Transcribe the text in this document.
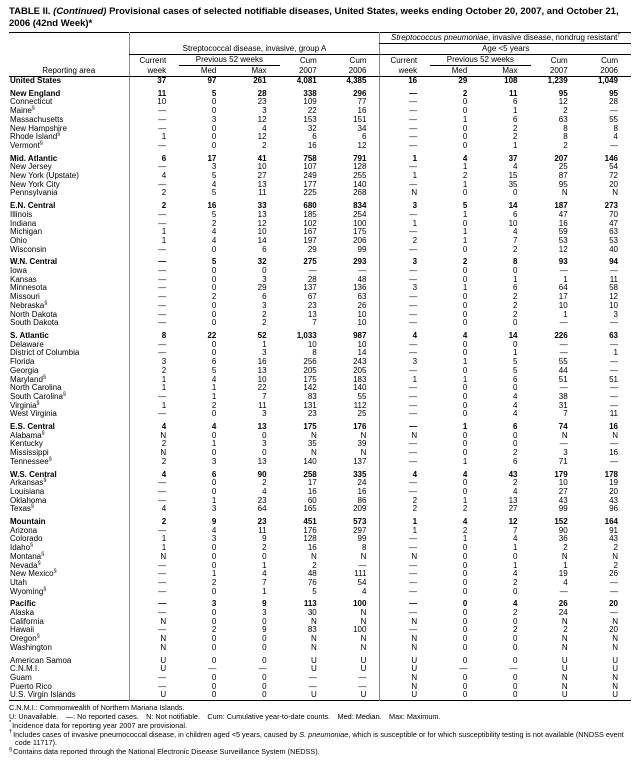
TABLE II. (Continued) Provisional cases of selected notifiable diseases, United States, weeks ending October 20, 2007, and October 21, 2006 (42nd Week)*
						Streptococcus pneumoniae, invasive disease, nondrug resistant†
	Streptococcal disease, invasive, group A					Age <5 years				
	Current	Previous 52 weeks		Cum	Cum	Current	Previous 52 weeks		Cum	Cum
Reporting area	week	Med	Max	2007	2006	week	Med	Max	2007	2006
United States	37	97	261	4,081	4,385	16	29	108	1,239	1,049

New England	11	5	28	338	296	—	2	11	95	95
Connecticut	10	0	23	109	77	—	0	6	12	28
Maine§	—	0	3	22	16	—	0	1	2	—
Massachusetts	—	3	12	153	151	—	1	6	63	55
New Hampshire	—	0	4	32	34	—	0	2	8	8
Rhode Island§	1	0	12	6	6	—	0	2	8	4
Vermont§	—	0	2	16	12	—	0	1	2	—

Mid. Atlantic	6	17	41	758	791	1	4	37	207	146
New Jersey	—	3	10	107	128	—	1	4	25	54
New York (Upstate)	4	5	27	249	255	1	2	15	87	72
New York City	—	4	13	177	140	—	1	35	95	20
Pennsylvania	2	5	11	225	268	N	0	0	N	N

E.N. Central	2	16	33	680	834	3	5	14	187	273
Illinois	—	5	13	185	254	—	1	6	47	70
Indiana	—	2	12	102	100	1	0	10	16	47
Michigan	1	4	10	167	175	—	1	4	59	63
Ohio	1	4	14	197	206	2	1	7	53	53
Wisconsin	—	0	6	29	99	—	0	2	12	40

W.N. Central	—	5	32	275	293	3	2	8	93	94
Iowa	—	0	0	—	—	—	0	0	—	—
Kansas	—	0	3	28	48	—	0	1	1	11
Minnesota	—	0	29	137	136	3	1	6	64	58
Missouri	—	2	6	67	63	—	0	2	17	12
Nebraska§	—	0	3	23	26	—	0	2	10	10
North Dakota	—	0	2	13	10	—	0	2	1	3
South Dakota	—	0	2	7	10	—	0	0	—	—

S. Atlantic	8	22	52	1,033	987	4	4	14	226	63
Delaware	—	0	1	10	10	—	0	0	—	—
District of Columbia	—	0	3	8	14	—	0	1	—	1
Florida	3	6	16	256	243	3	1	5	55	—
Georgia	2	5	13	205	205	—	0	5	44	—
Maryland§	1	4	10	175	183	1	1	6	51	51
North Carolina	1	1	22	142	140	—	0	0	—	—
South Carolina§	—	1	7	83	55	—	0	4	38	—
Virginia§	1	2	11	131	112	—	0	4	31	—
West Virginia	—	0	3	23	25	—	0	4	7	11

E.S. Central	4	4	13	175	176	—	1	6	74	16
Alabama§	N	0	0	N	N	N	0	0	N	N
Kentucky	2	1	3	35	39	—	0	0	—	—
Mississippi	N	0	0	N	N	—	0	2	3	16
Tennessee§	2	3	13	140	137	—	1	6	71	—

W.S. Central	4	6	90	258	335	4	4	43	179	178
Arkansas§	—	0	2	17	24	—	0	2	10	19
Louisiana	—	0	4	16	16	—	0	4	27	20
Oklahoma	—	1	23	60	86	2	1	13	43	43
Texas§	4	3	64	165	209	2	2	27	99	96

Mountain	2	9	23	451	573	1	4	12	152	164
Arizona	—	4	11	176	297	1	2	7	90	91
Colorado	1	3	9	128	99	—	1	4	36	43
Idaho§	1	0	2	16	8	—	0	1	2	2
Montana§	N	0	0	N	N	N	0	0	N	N
Nevada§	—	0	1	2	—	—	0	1	1	2
New Mexico§	—	1	4	48	111	—	0	4	19	26
Utah	—	2	7	76	54	—	0	2	4	—
Wyoming§	—	0	1	5	4	—	0	0	—	—

Pacific	—	3	9	113	100	—	0	4	26	20
Alaska	—	0	3	30	N	—	0	2	24	—
California	N	0	0	N	N	N	0	0	N	N
Hawaii	—	2	9	83	100	—	0	2	2	20
Oregon§	N	0	0	N	N	N	0	0	N	N
Washington	N	0	0	N	N	N	0	0	N	N

American Samoa	U	0	0	U	U	U	0	0	U	U
C.N.M.I.	U	—	—	U	U	U	—	—	U	U
Guam	—	0	0	—	—	N	0	0	N	N
Puerto Rico	—	0	0	—	—	N	0	0	N	N
U.S. Virgin Islands	U	0	0	U	U	U	0	0	U	U
C.N.M.I.: Commonwealth of Northern Mariana Islands.
U: Unavailable. —: No reported cases. N: Not notifiable. Cum: Cumulative year-to-date counts. Med: Median. Max: Maximum.
*Incidence data for reporting year 2007 are provisional.
†Includes cases of invasive pneumococcal disease, in children aged <5 years, caused by S. pneumoniae, which is susceptible or for which susceptibility testing is not available (NNDSS event code 11717).
§Contains data reported through the National Electronic Disease Surveillance System (NEDSS).
